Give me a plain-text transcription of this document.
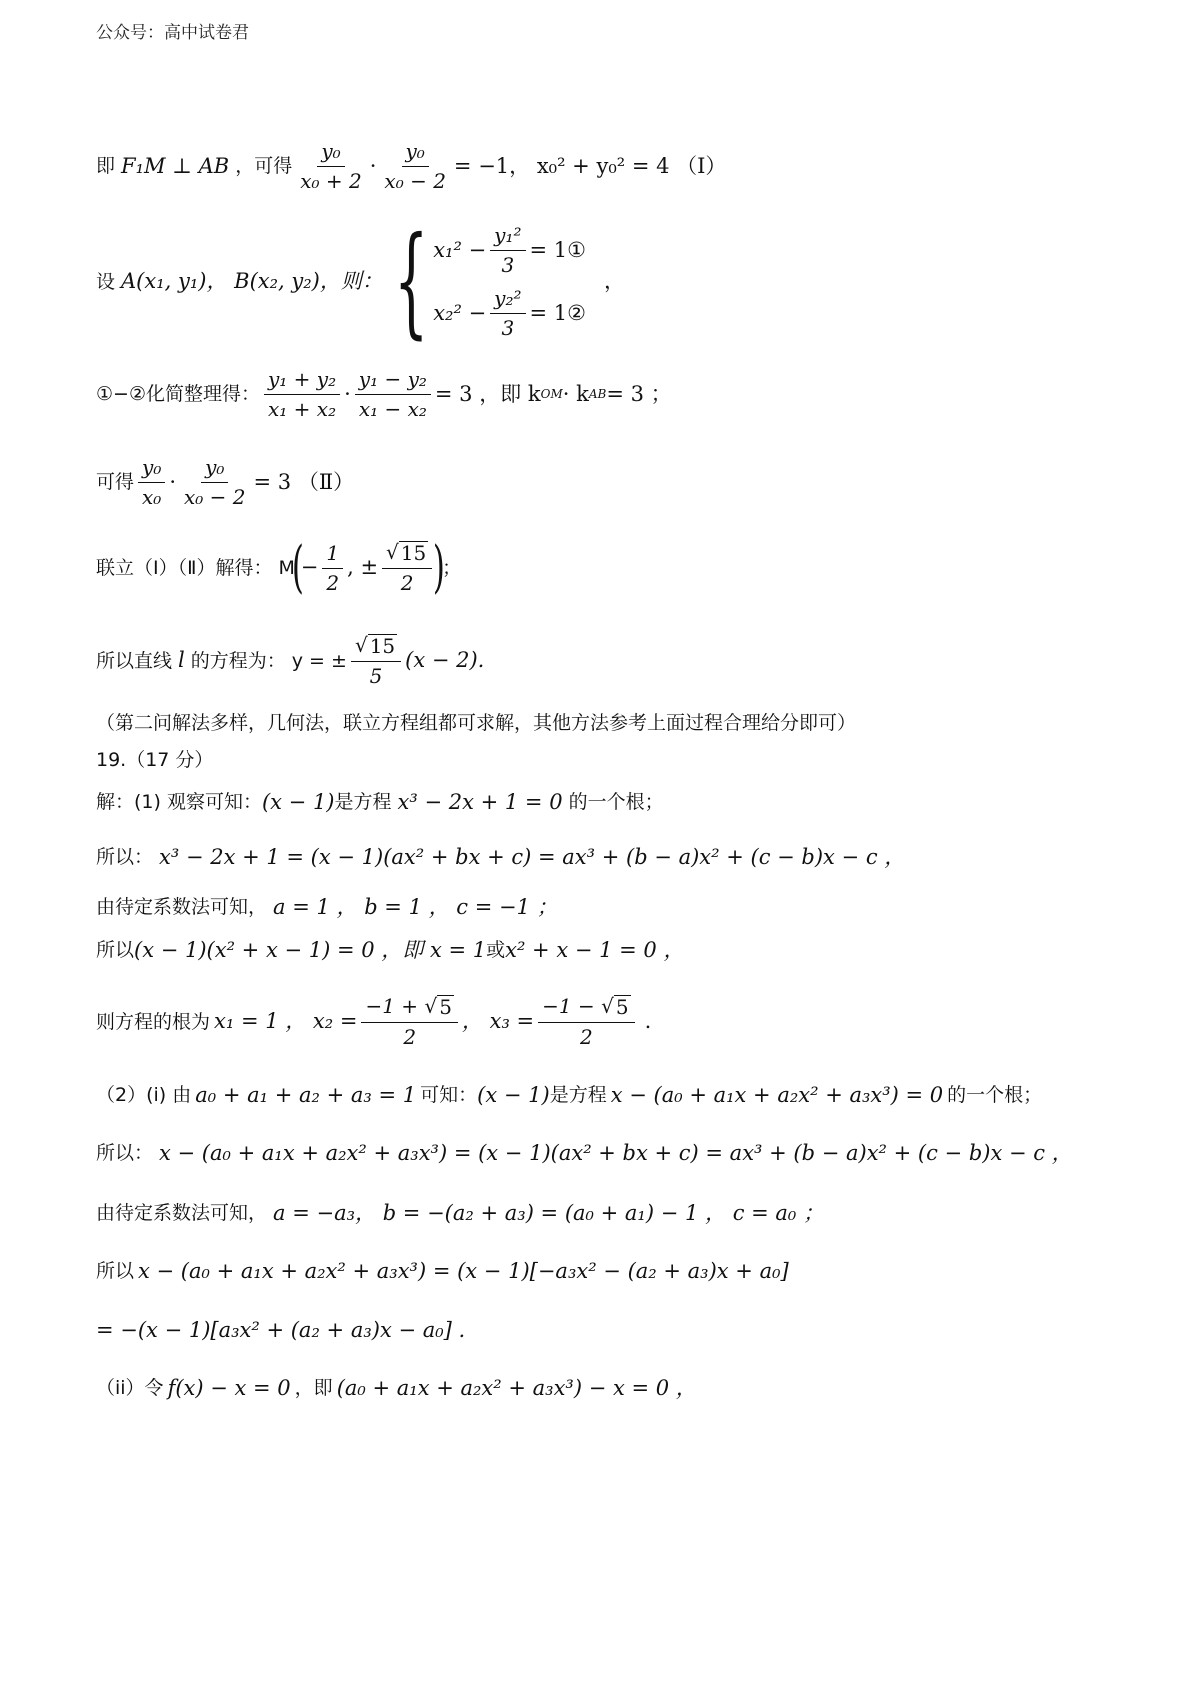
公众号：高中试卷君
即 F₁M ⊥ AB ，可得 $\frac{\text{y₀}}{\text{x₀ + 2}} \cdot \frac{\text{y₀}}{\text{x₀ − 2}} = -1$， x₀² + y₀² = 4 （Ⅰ）
设 A(x₁, y₁)， B(x₂, y₂)，则： { $x_1^2 - \frac{\text{y₁²}}{3}$ = 1①
$x_2^2 - \frac{\text{y₂²}}{3}$ = 1②
，
①−②化简整理得： $\frac{\text{y₁ + y₂}}{\text{x₁ + x₂}} \cdot \frac{\text{y₁ − y₂}}{\text{x₁ − x₂}} = 3$ ，即 k OM · k AB = 3 ；
可得 $\frac{\text{y₀}}{\text{x₀}} \cdot \frac{\text{y₀}}{\text{x₀ − 2}} = 3$ （Ⅱ）
联立（Ⅰ）（Ⅱ）解得： M
(
− $\frac{1}{2}$ , ± $\frac{√ 15}{2}$ )
；
所以直线 l 的方程为： y = ± $\frac{√ 15}{5} (x - 2)$.
（第二问解法多样，几何法，联立方程组都可求解，其他方法参考上面过程合理给分即可）
19.（17 分）
解：(1) 观察可知： (x − 1) 是方程 x³ − 2x + 1 = 0 的一个根；
所以： x³ − 2x + 1 = (x − 1)(ax² + bx + c) = ax³ + (b − a)x² + (c − b)x − c ，
由待定系数法可知， a = 1 ， b = 1 ， c = −1 ；
所以 (x − 1)(x² + x − 1) = 0 ，即 x = 1 或 x² + x − 1 = 0 ，
则方程的根为 x₁ = 1 ， $x_2 = \frac{-1 + √ 5}{2}$ ， $x_3 = \frac{-1 - √ 5}{2}$ .
（2）(i) 由 a₀ + a₁ + a₂ + a₃ = 1 可知： (x − 1) 是方程 x − (a₀ + a₁x + a₂x² + a₃x³) = 0 的一个根；
所以： x − (a₀ + a₁x + a₂x² + a₃x³) = (x − 1)(ax² + bx + c) = ax³ + (b − a)x² + (c − b)x − c ，
由待定系数法可知， a = −a₃， b = −(a₂ + a₃) = (a₀ + a₁) − 1 ， c = a₀ ；
所以 x − (a₀ + a₁x + a₂x² + a₃x³) = (x − 1)[−a₃x² − (a₂ + a₃)x + a₀]
= −(x − 1)[a₃x² + (a₂ + a₃)x − a₀] .
（ii）令 f(x) − x = 0 ，即 (a₀ + a₁x + a₂x² + a₃x³) − x = 0 ，
